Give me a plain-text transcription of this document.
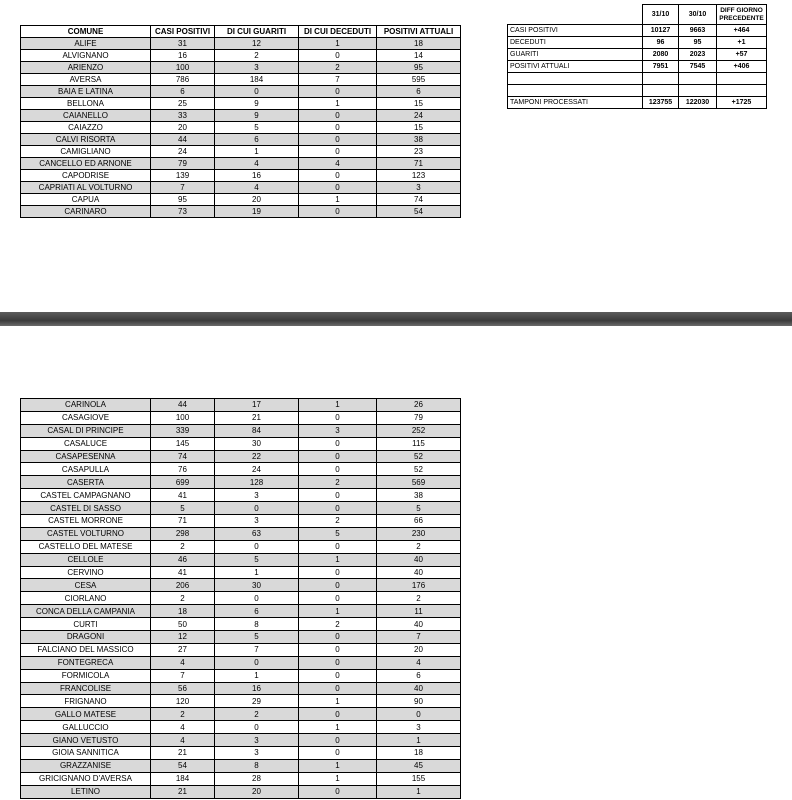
COMUNE	CASI POSITIVI	DI CUI GUARITI	DI CUI DECEDUTI	POSITIVI ATTUALI
ALIFE	31	12	1	18
ALVIGNANO	16	2	0	14
ARIENZO	100	3	2	95
AVERSA	786	184	7	595
BAIA E LATINA	6	0	0	6
BELLONA	25	9	1	15
CAIANELLO	33	9	0	24
CAIAZZO	20	5	0	15
CALVI RISORTA	44	6	0	38
CAMIGLIANO	24	1	0	23
CANCELLO ED ARNONE	79	4	4	71
CAPODRISE	139	16	0	123
CAPRIATI AL VOLTURNO	7	4	0	3
CAPUA	95	20	1	74
CARINARO	73	19	0	54
	31/10	30/10	DIFF GIORNO PRECEDENTE
CASI POSITIVI	10127	9663	+464
DECEDUTI	96	95	+1
GUARITI	2080	2023	+57
POSITIVI ATTUALI	7951	7545	+406

TAMPONI PROCESSATI	123755	122030	+1725
CARINOLA	44	17	1	26
CASAGIOVE	100	21	0	79
CASAL DI PRINCIPE	339	84	3	252
CASALUCE	145	30	0	115
CASAPESENNA	74	22	0	52
CASAPULLA	76	24	0	52
CASERTA	699	128	2	569
CASTEL CAMPAGNANO	41	3	0	38
CASTEL DI SASSO	5	0	0	5
CASTEL MORRONE	71	3	2	66
CASTEL VOLTURNO	298	63	5	230
CASTELLO DEL MATESE	2	0	0	2
CELLOLE	46	5	1	40
CERVINO	41	1	0	40
CESA	206	30	0	176
CIORLANO	2	0	0	2
CONCA DELLA CAMPANIA	18	6	1	11
CURTI	50	8	2	40
DRAGONI	12	5	0	7
FALCIANO DEL MASSICO	27	7	0	20
FONTEGRECA	4	0	0	4
FORMICOLA	7	1	0	6
FRANCOLISE	56	16	0	40
FRIGNANO	120	29	1	90
GALLO MATESE	2	2	0	0
GALLUCCIO	4	0	1	3
GIANO VETUSTO	4	3	0	1
GIOIA SANNITICA	21	3	0	18
GRAZZANISE	54	8	1	45
GRICIGNANO D'AVERSA	184	28	1	155
LETINO	21	20	0	1
